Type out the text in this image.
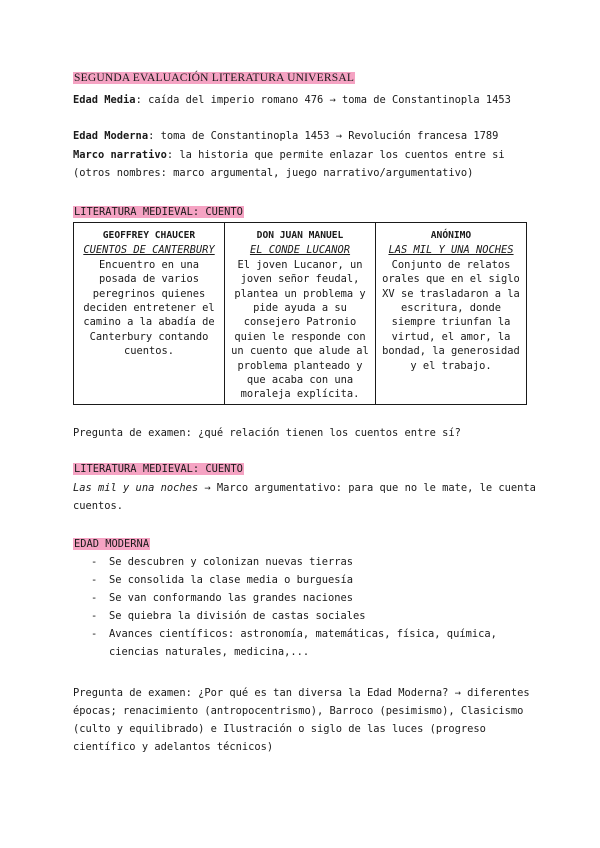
SEGUNDA EVALUACIÓN LITERATURA UNIVERSAL
Edad Media: caída del imperio romano 476 → toma de Constantinopla 1453
Edad Moderna: toma de Constantinopla 1453 → Revolución francesa 1789
Marco narrativo: la historia que permite enlazar los cuentos entre si (otros nombres: marco argumental, juego narrativo/argumentativo)
LITERATURA MEDIEVAL: CUENTO
GEOFFREY CHAUCER
CUENTOS DE CANTERBURY
Encuentro en una posada de varios peregrinos quienes deciden entretener el camino a la abadía de Canterbury contando cuentos.
DON JUAN MANUEL
EL CONDE LUCANOR
El joven Lucanor, un joven señor feudal, plantea un problema y pide ayuda a su consejero Patronio quien le responde con un cuento que alude al problema planteado y que acaba con una moraleja explícita.
ANÓNIMO
LAS MIL Y UNA NOCHES
Conjunto de relatos orales que en el siglo XV se trasladaron a la escritura, donde siempre triunfan la virtud, el amor, la bondad, la generosidad y el trabajo.
Pregunta de examen: ¿qué relación tienen los cuentos entre sí?
LITERATURA MEDIEVAL: CUENTO
Las mil y una noches → Marco argumentativo: para que no le mate, le cuenta cuentos.
EDAD MODERNA
- Se descubren y colonizan nuevas tierras
- Se consolida la clase media o burguesía
- Se van conformando las grandes naciones
- Se quiebra la división de castas sociales
- Avances científicos: astronomía, matemáticas, física, química, ciencias naturales, medicina,...
Pregunta de examen: ¿Por qué es tan diversa la Edad Moderna? → diferentes épocas; renacimiento (antropocentrismo), Barroco (pesimismo), Clasicismo (culto y equilibrado) e Ilustración o siglo de las luces (progreso científico y adelantos técnicos)
